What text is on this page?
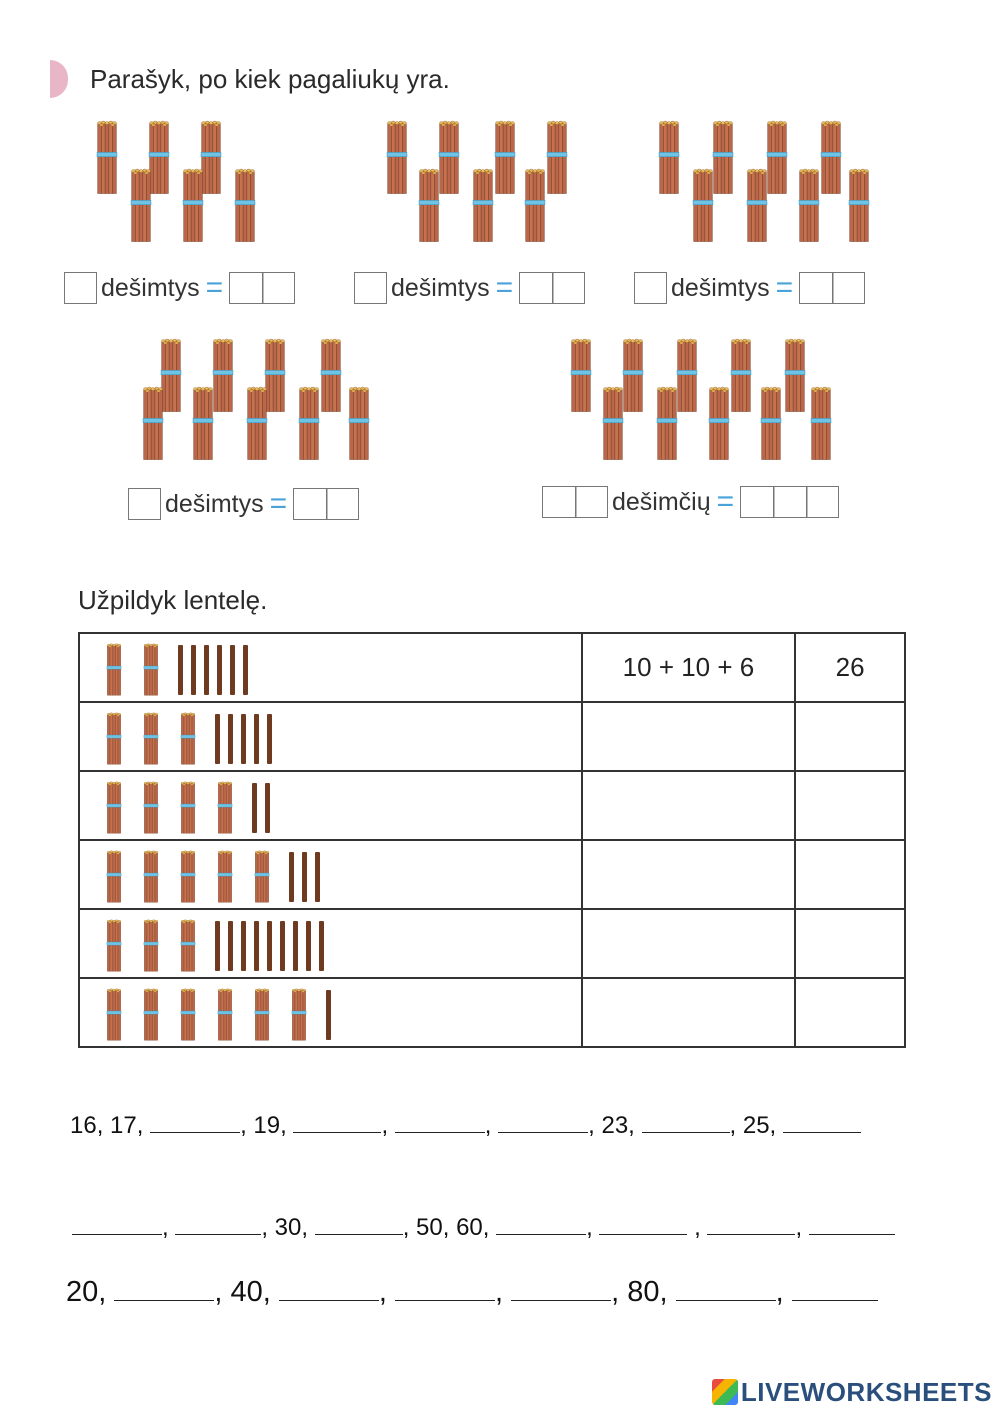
Parašyk, po kiek pagaliukų yra.
dešimtys =	dešimtys =	dešimtys =
dešimtys =	dešimčių =
Užpildyk lentelę.
	10 + 10 + 6	26

16, 17,	, 19,	,	,	, 23,	, 25,
,	, 30,	, 50, 60,	,	,	,
20,	, 40,	,	,	, 80,	,
LIVEWORKSHEETS
